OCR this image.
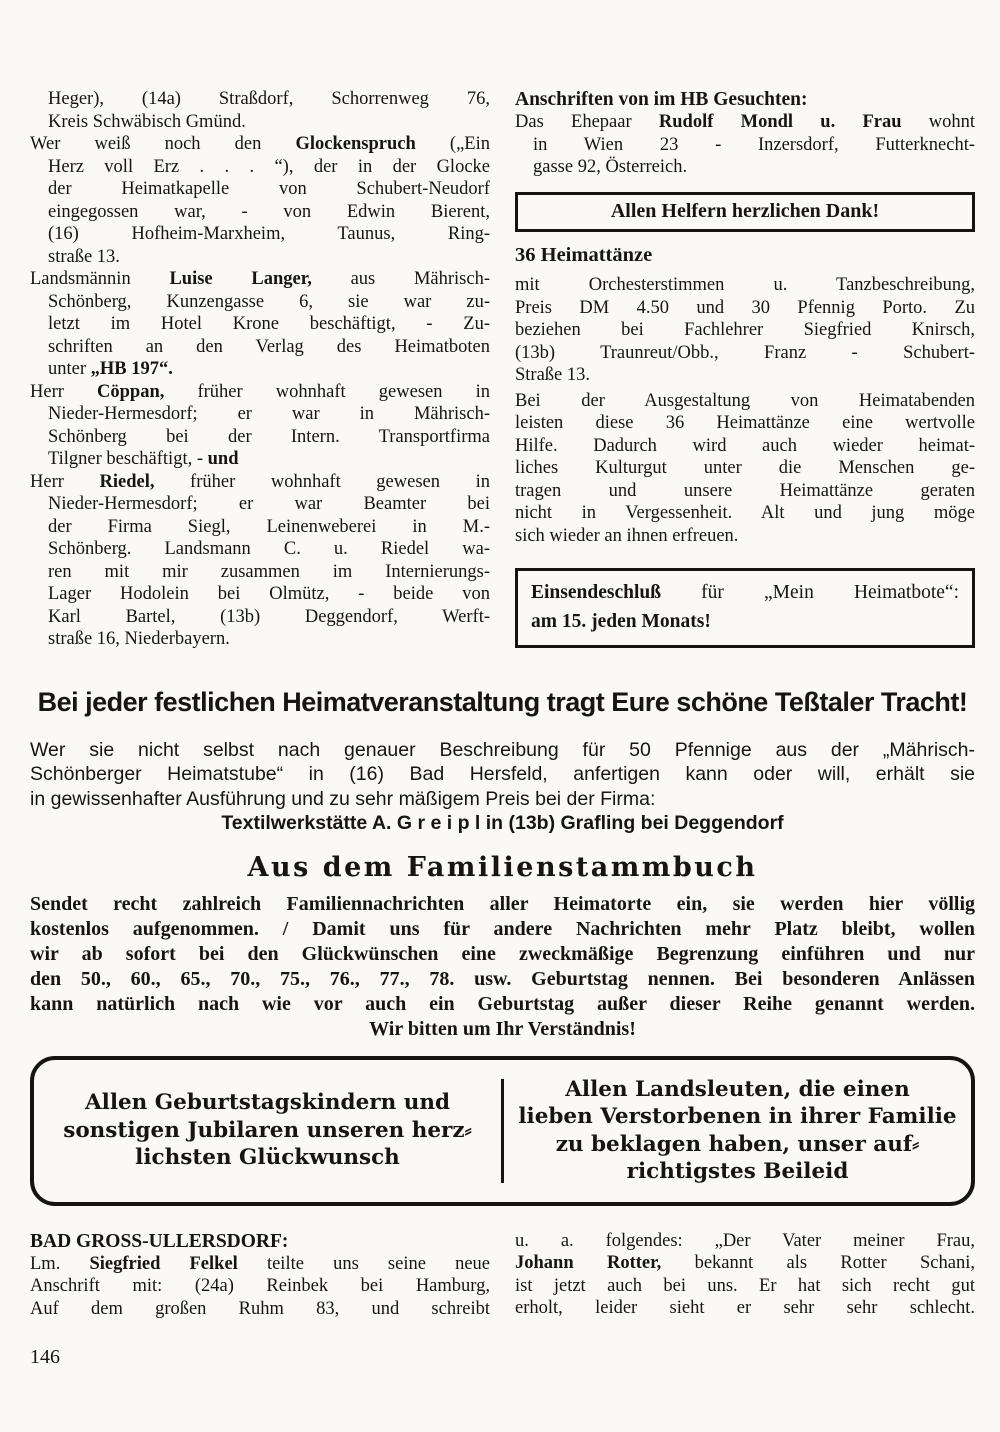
Heger), (14a) Straßdorf, Schorrenweg 76,
Kreis Schwäbisch Gmünd.
Wer weiß noch den Glockenspruch („Ein
Herz voll Erz . . . “), der in der Glocke
der Heimatkapelle von Schubert-Neudorf
eingegossen war, - von Edwin Bierent,
(16) Hofheim-Marxheim, Taunus, Ring-
straße 13.
Landsmännin Luise Langer, aus Mährisch-
Schönberg, Kunzengasse 6, sie war zu-
letzt im Hotel Krone beschäftigt, - Zu-
schriften an den Verlag des Heimatboten
unter „HB 197“.
Herr Cöppan, früher wohnhaft gewesen in
Nieder-Hermesdorf; er war in Mährisch-
Schönberg bei der Intern. Transportfirma
Tilgner beschäftigt, - und
Herr Riedel, früher wohnhaft gewesen in
Nieder-Hermesdorf; er war Beamter bei
der Firma Siegl, Leinenweberei in M.-
Schönberg. Landsmann C. u. Riedel wa-
ren mit mir zusammen im Internierungs-
Lager Hodolein bei Olmütz, - beide von
Karl Bartel, (13b) Deggendorf, Werft-
straße 16, Niederbayern.
Anschriften von im HB Gesuchten:
Das Ehepaar Rudolf Mondl u. Frau wohnt
in Wien 23 - Inzersdorf, Futterknecht-
gasse 92, Österreich.
Allen Helfern herzlichen Dank!
36 Heimattänze
mit Orchesterstimmen u. Tanzbeschreibung,
Preis DM 4.50 und 30 Pfennig Porto. Zu
beziehen bei Fachlehrer Siegfried Knirsch,
(13b) Traunreut/Obb., Franz - Schubert-
Straße 13.
Bei der Ausgestaltung von Heimatabenden
leisten diese 36 Heimattänze eine wertvolle
Hilfe. Dadurch wird auch wieder heimat-
liches Kulturgut unter die Menschen ge-
tragen und unsere Heimattänze geraten
nicht in Vergessenheit. Alt und jung möge
sich wieder an ihnen erfreuen.
Einsendeschluß für „Mein Heimatbote“:
am 15. jeden Monats!
Bei jeder festlichen Heimatveranstaltung tragt Eure schöne Teßtaler Tracht!
Wer sie nicht selbst nach genauer Beschreibung für 50 Pfennige aus der „Mährisch-
Schönberger Heimatstube“ in (16) Bad Hersfeld, anfertigen kann oder will, erhält sie
in gewissenhafter Ausführung und zu sehr mäßigem Preis bei der Firma:
Textilwerkstätte A. G r e i p l in (13b) Grafling bei Deggendorf
Aus dem Familienstammbuch
Sendet recht zahlreich Familiennachrichten aller Heimatorte ein, sie werden hier völlig
kostenlos aufgenommen. / Damit uns für andere Nachrichten mehr Platz bleibt, wollen
wir ab sofort bei den Glückwünschen eine zweckmäßige Begrenzung einführen und nur
den 50., 60., 65., 70., 75., 76., 77., 78. usw. Geburtstag nennen. Bei besonderen Anlässen
kann natürlich nach wie vor auch ein Geburtstag außer dieser Reihe genannt werden.
Wir bitten um Ihr Verständnis!
Allen Geburtstagskindern und
sonstigen Jubilaren unseren herz⸗
lichsten Glückwunsch
Allen Landsleuten, die einen
lieben Verstorbenen in ihrer Familie
zu beklagen haben, unser auf⸗
richtigstes Beileid
BAD GROSS-ULLERSDORF:
Lm. Siegfried Felkel teilte uns seine neue
Anschrift mit: (24a) Reinbek bei Hamburg,
Auf dem großen Ruhm 83, und schreibt
u. a. folgendes: „Der Vater meiner Frau,
Johann Rotter, bekannt als Rotter Schani,
ist jetzt auch bei uns. Er hat sich recht gut
erholt, leider sieht er sehr sehr schlecht.
146
